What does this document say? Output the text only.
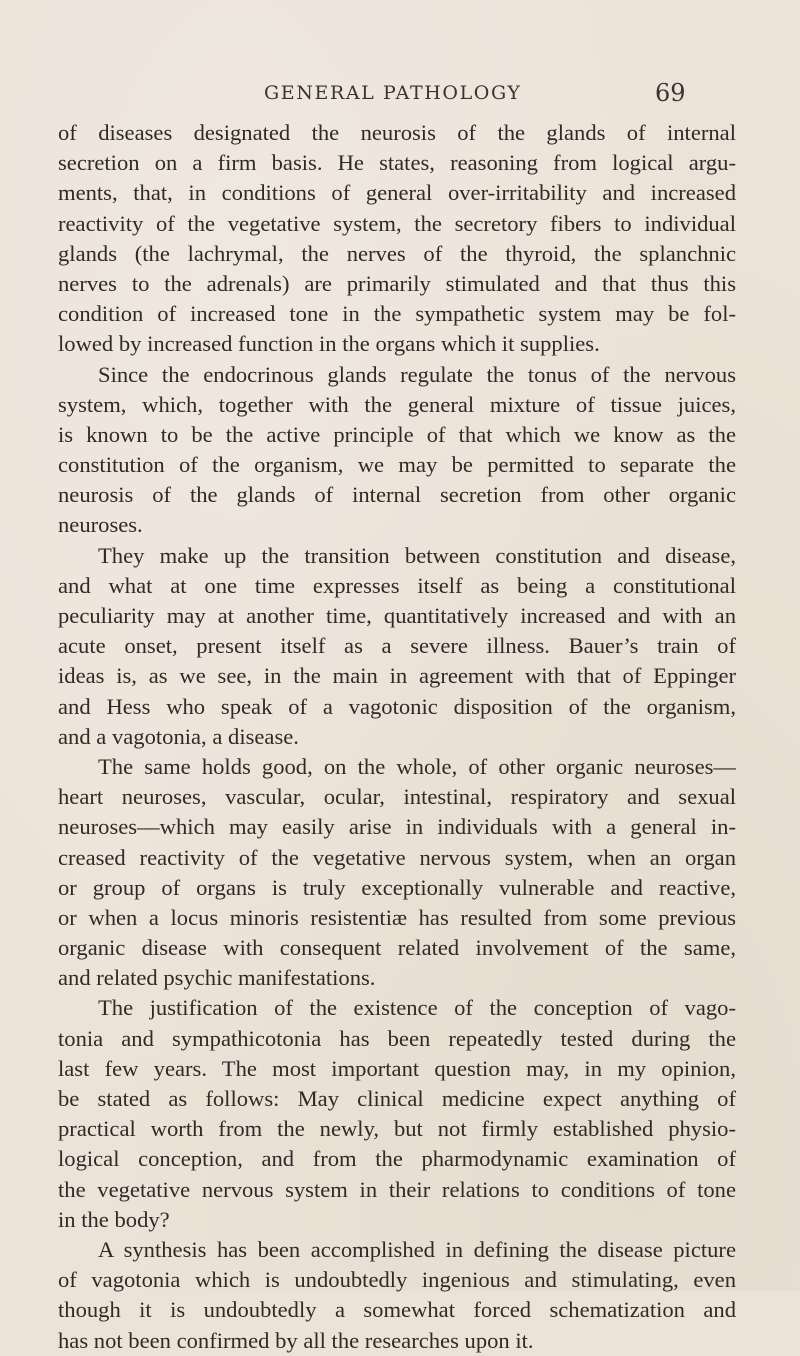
GENERAL PATHOLOGY	69
of diseases designated the neurosis of the glands of internal
secretion on a firm basis. He states, reasoning from logical argu-
ments, that, in conditions of general over-irritability and increased
reactivity of the vegetative system, the secretory fibers to individual
glands (the lachrymal, the nerves of the thyroid, the splanchnic
nerves to the adrenals) are primarily stimulated and that thus this
condition of increased tone in the sympathetic system may be fol-
lowed by increased function in the organs which it supplies.
Since the endocrinous glands regulate the tonus of the nervous
system, which, together with the general mixture of tissue juices,
is known to be the active principle of that which we know as the
constitution of the organism, we may be permitted to separate the
neurosis of the glands of internal secretion from other organic
neuroses.
They make up the transition between constitution and disease,
and what at one time expresses itself as being a constitutional
peculiarity may at another time, quantitatively increased and with an
acute onset, present itself as a severe illness. Bauer’s train of
ideas is, as we see, in the main in agreement with that of Eppinger
and Hess who speak of a vagotonic disposition of the organism,
and a vagotonia, a disease.
The same holds good, on the whole, of other organic neuroses—
heart neuroses, vascular, ocular, intestinal, respiratory and sexual
neuroses—which may easily arise in individuals with a general in-
creased reactivity of the vegetative nervous system, when an organ
or group of organs is truly exceptionally vulnerable and reactive,
or when a locus minoris resistentiæ has resulted from some previous
organic disease with consequent related involvement of the same,
and related psychic manifestations.
The justification of the existence of the conception of vago-
tonia and sympathicotonia has been repeatedly tested during the
last few years. The most important question may, in my opinion,
be stated as follows: May clinical medicine expect anything of
practical worth from the newly, but not firmly established physio-
logical conception, and from the pharmodynamic examination of
the vegetative nervous system in their relations to conditions of tone
in the body?
A synthesis has been accomplished in defining the disease picture
of vagotonia which is undoubtedly ingenious and stimulating, even
though it is undoubtedly a somewhat forced schematization and
has not been confirmed by all the researches upon it.
